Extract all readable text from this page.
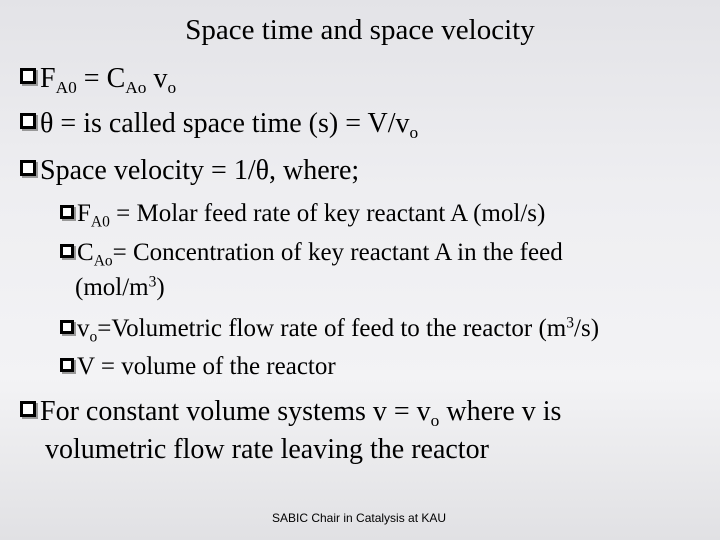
Space time and space velocity
$F_{A0} = C_{Ao}$ $v_o$
θ = is called space time $(s) = V/v_o$
Space velocity = 1/θ, where;
$F_{A0}$ = Molar feed rate of key reactant A (mol/s)
$C_{Ao}=$ Concentration of key reactant A in the feed
$(mol/m^3)$
$v_o=Volumetric$ flow rate of feed to the reactor $(m^3/s)$
V = volume of the reactor
For constant volume systems $v = v_o$ where v is
volumetric flow rate leaving the reactor
SABIC Chair in Catalysis at KAU
